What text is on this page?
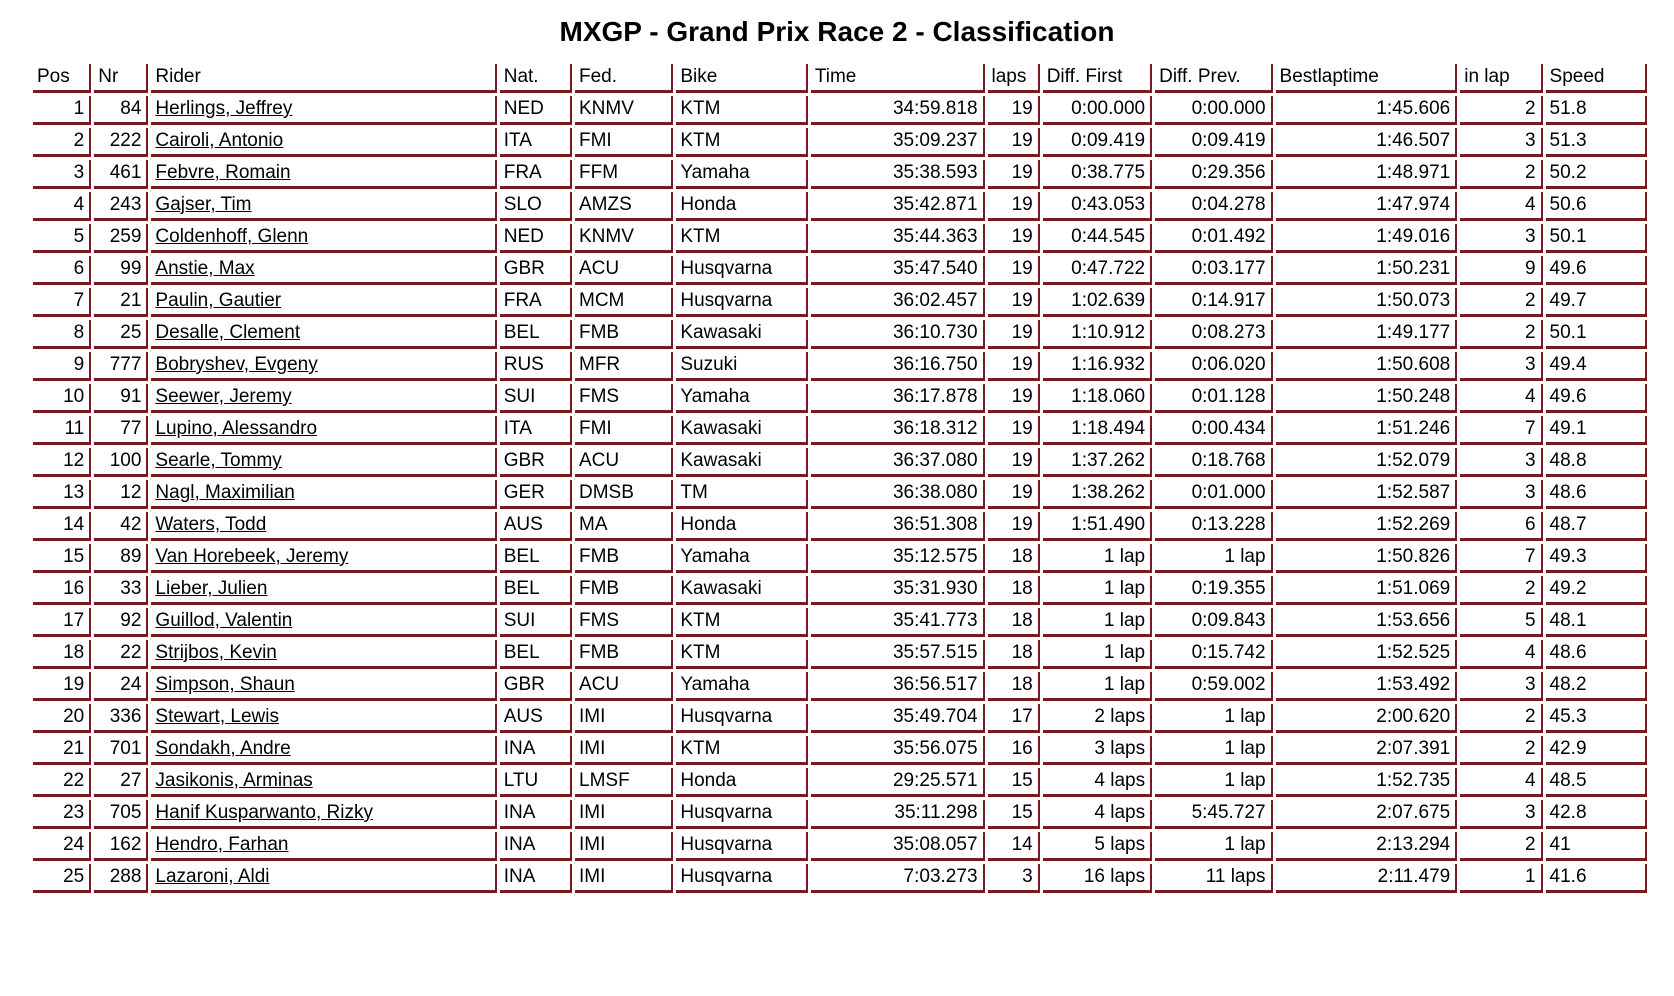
MXGP - Grand Prix Race 2 - Classification
Pos	Nr	Rider	Nat.	Fed.	Bike	Time	laps	Diff. First	Diff. Prev.	Bestlaptime	in lap	Speed
1	84	Herlings, Jeffrey	NED	KNMV	KTM	34:59.818	19	0:00.000	0:00.000	1:45.606	2	51.8
2	222	Cairoli, Antonio	ITA	FMI	KTM	35:09.237	19	0:09.419	0:09.419	1:46.507	3	51.3
3	461	Febvre, Romain	FRA	FFM	Yamaha	35:38.593	19	0:38.775	0:29.356	1:48.971	2	50.2
4	243	Gajser, Tim	SLO	AMZS	Honda	35:42.871	19	0:43.053	0:04.278	1:47.974	4	50.6
5	259	Coldenhoff, Glenn	NED	KNMV	KTM	35:44.363	19	0:44.545	0:01.492	1:49.016	3	50.1
6	99	Anstie, Max	GBR	ACU	Husqvarna	35:47.540	19	0:47.722	0:03.177	1:50.231	9	49.6
7	21	Paulin, Gautier	FRA	MCM	Husqvarna	36:02.457	19	1:02.639	0:14.917	1:50.073	2	49.7
8	25	Desalle, Clement	BEL	FMB	Kawasaki	36:10.730	19	1:10.912	0:08.273	1:49.177	2	50.1
9	777	Bobryshev, Evgeny	RUS	MFR	Suzuki	36:16.750	19	1:16.932	0:06.020	1:50.608	3	49.4
10	91	Seewer, Jeremy	SUI	FMS	Yamaha	36:17.878	19	1:18.060	0:01.128	1:50.248	4	49.6
11	77	Lupino, Alessandro	ITA	FMI	Kawasaki	36:18.312	19	1:18.494	0:00.434	1:51.246	7	49.1
12	100	Searle, Tommy	GBR	ACU	Kawasaki	36:37.080	19	1:37.262	0:18.768	1:52.079	3	48.8
13	12	Nagl, Maximilian	GER	DMSB	TM	36:38.080	19	1:38.262	0:01.000	1:52.587	3	48.6
14	42	Waters, Todd	AUS	MA	Honda	36:51.308	19	1:51.490	0:13.228	1:52.269	6	48.7
15	89	Van Horebeek, Jeremy	BEL	FMB	Yamaha	35:12.575	18	1 lap	1 lap	1:50.826	7	49.3
16	33	Lieber, Julien	BEL	FMB	Kawasaki	35:31.930	18	1 lap	0:19.355	1:51.069	2	49.2
17	92	Guillod, Valentin	SUI	FMS	KTM	35:41.773	18	1 lap	0:09.843	1:53.656	5	48.1
18	22	Strijbos, Kevin	BEL	FMB	KTM	35:57.515	18	1 lap	0:15.742	1:52.525	4	48.6
19	24	Simpson, Shaun	GBR	ACU	Yamaha	36:56.517	18	1 lap	0:59.002	1:53.492	3	48.2
20	336	Stewart, Lewis	AUS	IMI	Husqvarna	35:49.704	17	2 laps	1 lap	2:00.620	2	45.3
21	701	Sondakh, Andre	INA	IMI	KTM	35:56.075	16	3 laps	1 lap	2:07.391	2	42.9
22	27	Jasikonis, Arminas	LTU	LMSF	Honda	29:25.571	15	4 laps	1 lap	1:52.735	4	48.5
23	705	Hanif Kusparwanto, Rizky	INA	IMI	Husqvarna	35:11.298	15	4 laps	5:45.727	2:07.675	3	42.8
24	162	Hendro, Farhan	INA	IMI	Husqvarna	35:08.057	14	5 laps	1 lap	2:13.294	2	41
25	288	Lazaroni, Aldi	INA	IMI	Husqvarna	7:03.273	3	16 laps	11 laps	2:11.479	1	41.6
